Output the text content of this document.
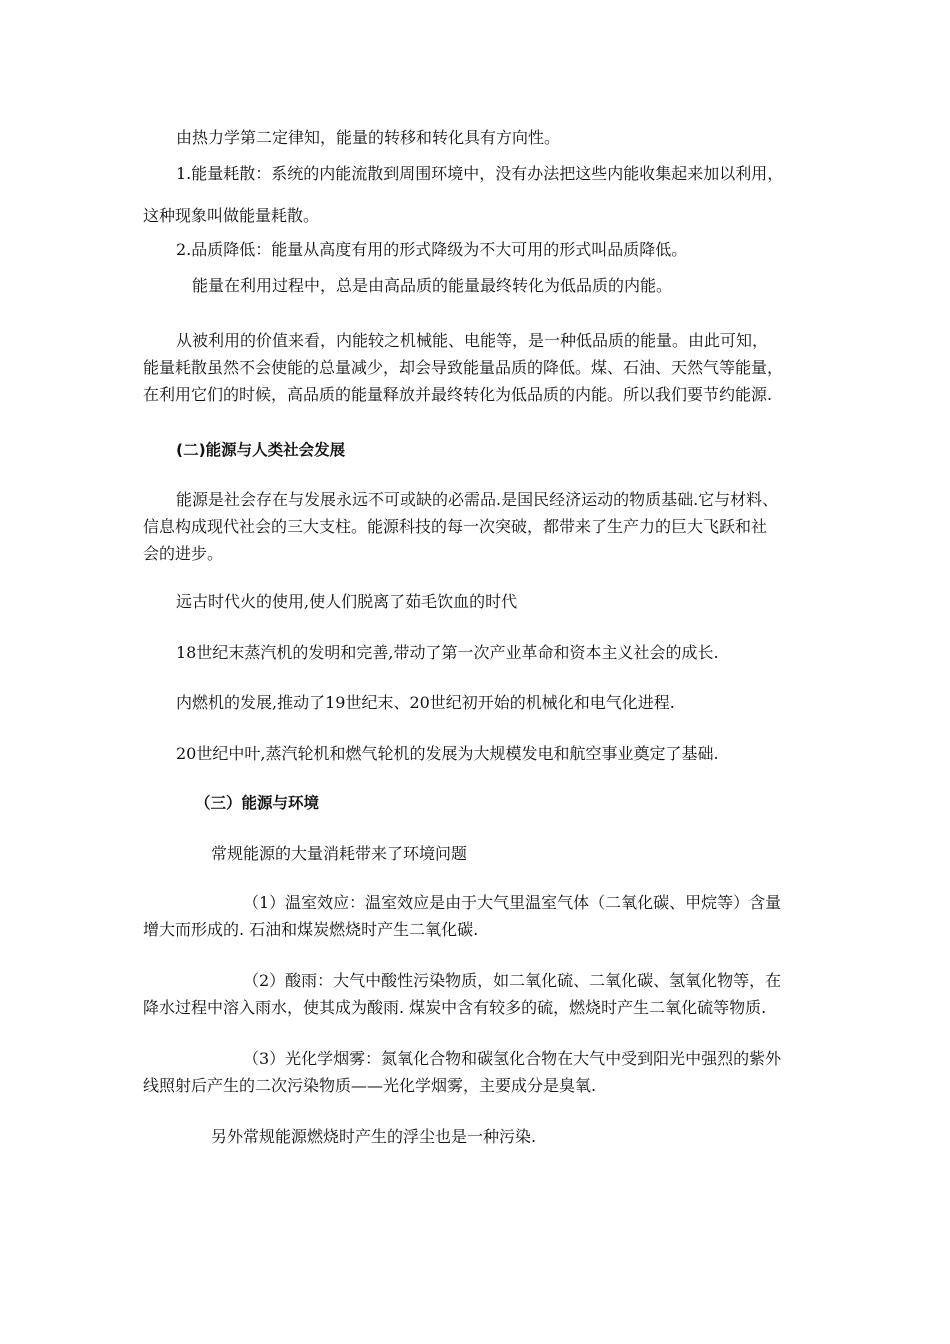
由热力学第二定律知，能量的转移和转化具有方向性。
1.能量耗散：系统的内能流散到周围环境中，没有办法把这些内能收集起来加以利用，
这种现象叫做能量耗散。
2.品质降低：能量从高度有用的形式降级为不大可用的形式叫品质降低。
能量在利用过程中，总是由高品质的能量最终转化为低品质的内能。
从被利用的价值来看，内能较之机械能、电能等，是一种低品质的能量。由此可知，
能量耗散虽然不会使能的总量减少，却会导致能量品质的降低。煤、石油、天然气等能量，
在利用它们的时候，高品质的能量释放并最终转化为低品质的内能。所以我们要节约能源.
(二)能源与人类社会发展
能源是社会存在与发展永远不可或缺的必需品.是国民经济运动的物质基础.它与材料、
信息构成现代社会的三大支柱。能源科技的每一次突破，都带来了生产力的巨大飞跃和社
会的进步。
远古时代火的使用,使人们脱离了茹毛饮血的时代
18世纪末蒸汽机的发明和完善,带动了第一次产业革命和资本主义社会的成长.
内燃机的发展,推动了19世纪末、20世纪初开始的机械化和电气化进程.
20世纪中叶,蒸汽轮机和燃气轮机的发展为大规模发电和航空事业奠定了基础.
（三）能源与环境
常规能源的大量消耗带来了环境问题
（1）温室效应：温室效应是由于大气里温室气体（二氧化碳、甲烷等）含量
增大而形成的. 石油和煤炭燃烧时产生二氧化碳.
（2）酸雨：大气中酸性污染物质，如二氧化硫、二氧化碳、氢氧化物等，在
降水过程中溶入雨水，使其成为酸雨. 煤炭中含有较多的硫，燃烧时产生二氧化硫等物质.
（3）光化学烟雾：氮氧化合物和碳氢化合物在大气中受到阳光中强烈的紫外
线照射后产生的二次污染物质——光化学烟雾，主要成分是臭氧.
另外常规能源燃烧时产生的浮尘也是一种污染.
